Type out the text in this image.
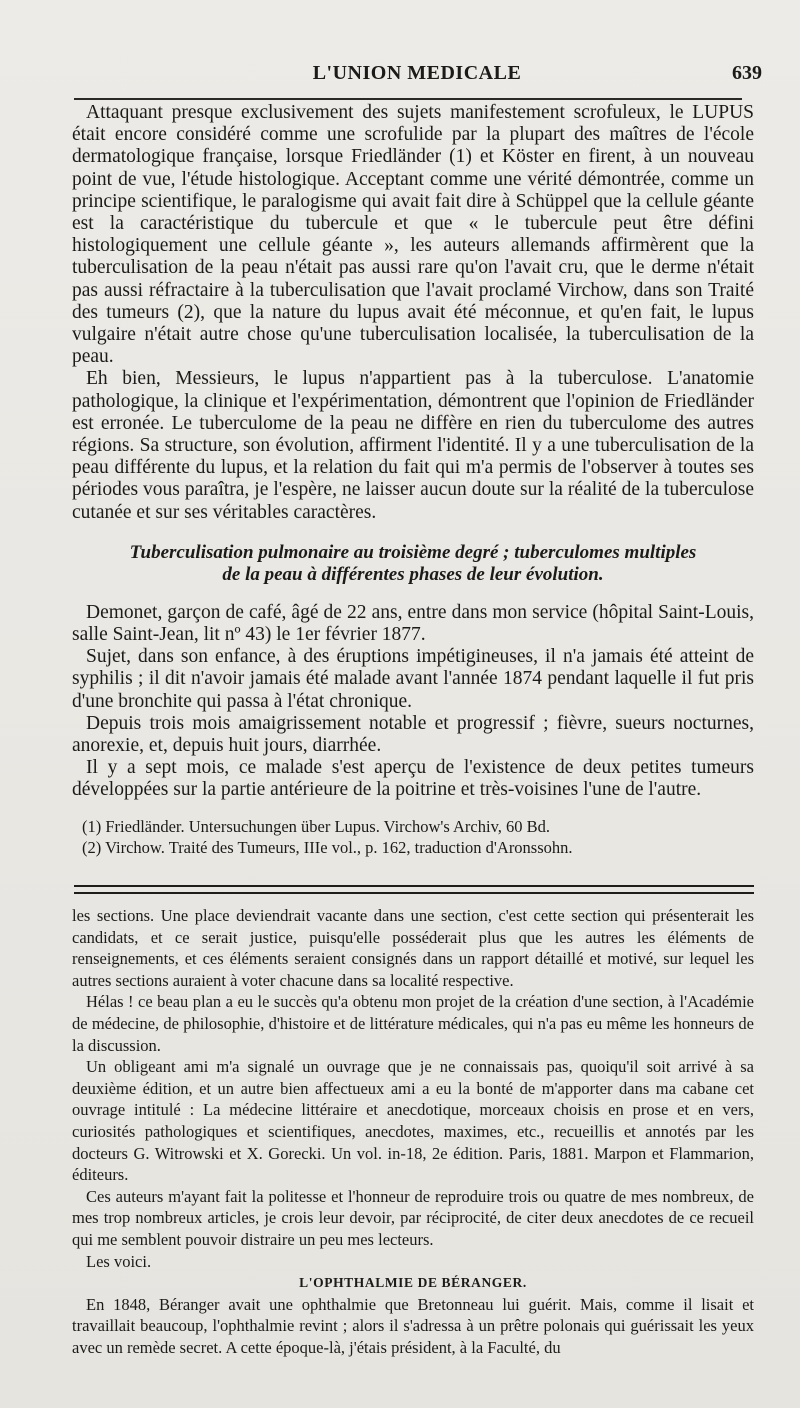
L'UNION MEDICALE	639

Attaquant presque exclusivement des sujets manifestement scrofuleux, le LUPUS était encore considéré comme une scrofulide par la plupart des maîtres de l'école dermatologique française, lorsque Friedländer (1) et Köster en firent, à un nouveau point de vue, l'étude histologique. Acceptant comme une vérité démontrée, comme un principe scientifique, le paralogisme qui avait fait dire à Schüppel que la cellule géante est la caractéristique du tubercule et que « le tubercule peut être défini histologiquement une cellule géante », les auteurs allemands affirmèrent que la tuberculisation de la peau n'était pas aussi rare qu'on l'avait cru, que le derme n'était pas aussi réfractaire à la tuberculisation que l'avait proclamé Virchow, dans son Traité des tumeurs (2), que la nature du lupus avait été méconnue, et qu'en fait, le lupus vulgaire n'était autre chose qu'une tuberculisation localisée, la tuberculisation de la peau.

Eh bien, Messieurs, le lupus n'appartient pas à la tuberculose. L'anatomie pathologique, la clinique et l'expérimentation, démontrent que l'opinion de Friedländer est erronée. Le tuberculome de la peau ne diffère en rien du tuberculome des autres régions. Sa structure, son évolution, affirment l'identité. Il y a une tuberculisation de la peau différente du lupus, et la relation du fait qui m'a permis de l'observer à toutes ses périodes vous paraîtra, je l'espère, ne laisser aucun doute sur la réalité de la tuberculose cutanée et sur ses véritables caractères.

Tuberculisation pulmonaire au troisième degré ; tuberculomes multiples
de la peau à différentes phases de leur évolution.

Demonet, garçon de café, âgé de 22 ans, entre dans mon service (hôpital Saint-Louis, salle Saint-Jean, lit nº 43) le 1er février 1877.

Sujet, dans son enfance, à des éruptions impétigineuses, il n'a jamais été atteint de syphilis ; il dit n'avoir jamais été malade avant l'année 1874 pendant laquelle il fut pris d'une bronchite qui passa à l'état chronique.

Depuis trois mois amaigrissement notable et progressif ; fièvre, sueurs nocturnes, anorexie, et, depuis huit jours, diarrhée.

Il y a sept mois, ce malade s'est aperçu de l'existence de deux petites tumeurs développées sur la partie antérieure de la poitrine et très-voisines l'une de l'autre.

(1) Friedländer. Untersuchungen über Lupus. Virchow's Archiv, 60 Bd.
(2) Virchow. Traité des Tumeurs, IIIe vol., p. 162, traduction d'Aronssohn.

les sections. Une place deviendrait vacante dans une section, c'est cette section qui présenterait les candidats, et ce serait justice, puisqu'elle posséderait plus que les autres les éléments de renseignements, et ces éléments seraient consignés dans un rapport détaillé et motivé, sur lequel les autres sections auraient à voter chacune dans sa localité respective.

Hélas ! ce beau plan a eu le succès qu'a obtenu mon projet de la création d'une section, à l'Académie de médecine, de philosophie, d'histoire et de littérature médicales, qui n'a pas eu même les honneurs de la discussion.

Un obligeant ami m'a signalé un ouvrage que je ne connaissais pas, quoiqu'il soit arrivé à sa deuxième édition, et un autre bien affectueux ami a eu la bonté de m'apporter dans ma cabane cet ouvrage intitulé : La médecine littéraire et anecdotique, morceaux choisis en prose et en vers, curiosités pathologiques et scientifiques, anecdotes, maximes, etc., recueillis et annotés par les docteurs G. Witrowski et X. Gorecki. Un vol. in-18, 2e édition. Paris, 1881. Marpon et Flammarion, éditeurs.

Ces auteurs m'ayant fait la politesse et l'honneur de reproduire trois ou quatre de mes nombreux, de mes trop nombreux articles, je crois leur devoir, par réciprocité, de citer deux anecdotes de ce recueil qui me semblent pouvoir distraire un peu mes lecteurs.

Les voici.

L'OPHTHALMIE DE BÉRANGER.

En 1848, Béranger avait une ophthalmie que Bretonneau lui guérit. Mais, comme il lisait et travaillait beaucoup, l'ophthalmie revint ; alors il s'adressa à un prêtre polonais qui guérissait les yeux avec un remède secret. A cette époque-là, j'étais président, à la Faculté, du
